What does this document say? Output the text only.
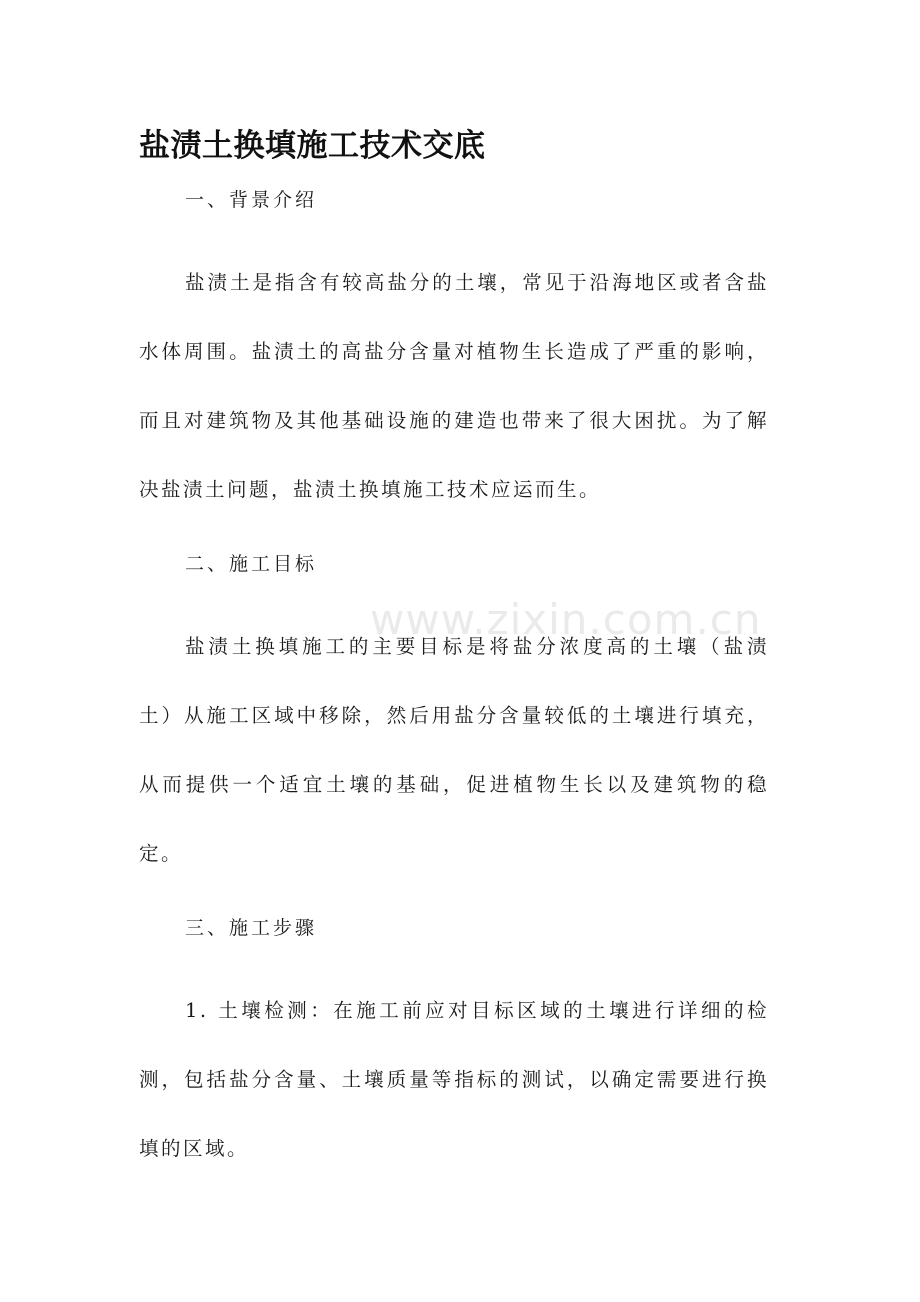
盐渍土换填施工技术交底

一、背景介绍

盐渍土是指含有较高盐分的土壤，常见于沿海地区或者含盐水体周围。盐渍土的高盐分含量对植物生长造成了严重的影响，而且对建筑物及其他基础设施的建造也带来了很大困扰。为了解决盐渍土问题，盐渍土换填施工技术应运而生。

二、施工目标

盐渍土换填施工的主要目标是将盐分浓度高的土壤（盐渍土）从施工区域中移除，然后用盐分含量较低的土壤进行填充，从而提供一个适宜土壤的基础，促进植物生长以及建筑物的稳定。

三、施工步骤

1. 土壤检测：在施工前应对目标区域的土壤进行详细的检测，包括盐分含量、土壤质量等指标的测试，以确定需要进行换填的区域。

www.zixin.com.cn
